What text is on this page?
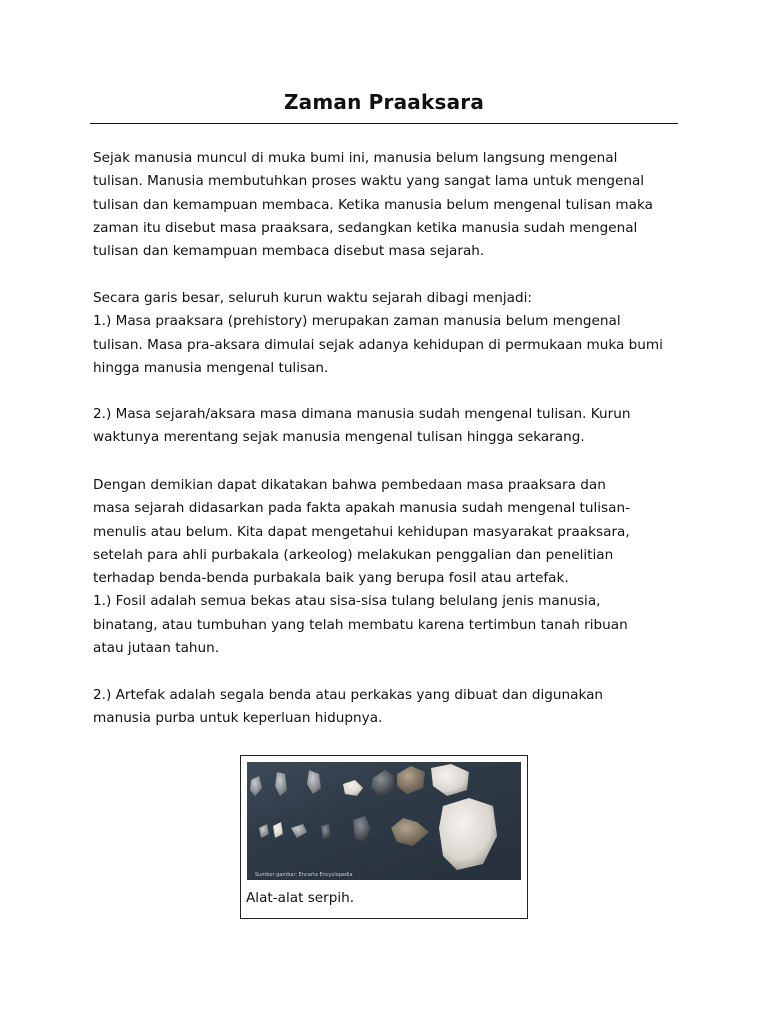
Zaman Praaksara

Sejak manusia muncul di muka bumi ini, manusia belum langsung mengenal
tulisan. Manusia membutuhkan proses waktu yang sangat lama untuk mengenal
tulisan dan kemampuan membaca. Ketika manusia belum mengenal tulisan maka
zaman itu disebut masa praaksara, sedangkan ketika manusia sudah mengenal
tulisan dan kemampuan membaca disebut masa sejarah.

Secara garis besar, seluruh kurun waktu sejarah dibagi menjadi:
1.) Masa praaksara (prehistory) merupakan zaman manusia belum mengenal
tulisan. Masa pra-aksara dimulai sejak adanya kehidupan di permukaan muka bumi
hingga manusia mengenal tulisan.

2.) Masa sejarah/aksara masa dimana manusia sudah mengenal tulisan. Kurun
waktunya merentang sejak manusia mengenal tulisan hingga sekarang.

Dengan demikian dapat dikatakan bahwa pembedaan masa praaksara dan
masa sejarah didasarkan pada fakta apakah manusia sudah mengenal tulisan-
menulis atau belum. Kita dapat mengetahui kehidupan masyarakat praaksara,
setelah para ahli purbakala (arkeolog) melakukan penggalian dan penelitian
terhadap benda-benda purbakala baik yang berupa fosil atau artefak.
1.) Fosil adalah semua bekas atau sisa-sisa tulang belulang jenis manusia,
binatang, atau tumbuhan yang telah membatu karena tertimbun tanah ribuan
atau jutaan tahun.

2.) Artefak adalah segala benda atau perkakas yang dibuat dan digunakan
manusia purba untuk keperluan hidupnya.

Sumber gambar: Encarta Encyclopedia
Alat-alat serpih.
